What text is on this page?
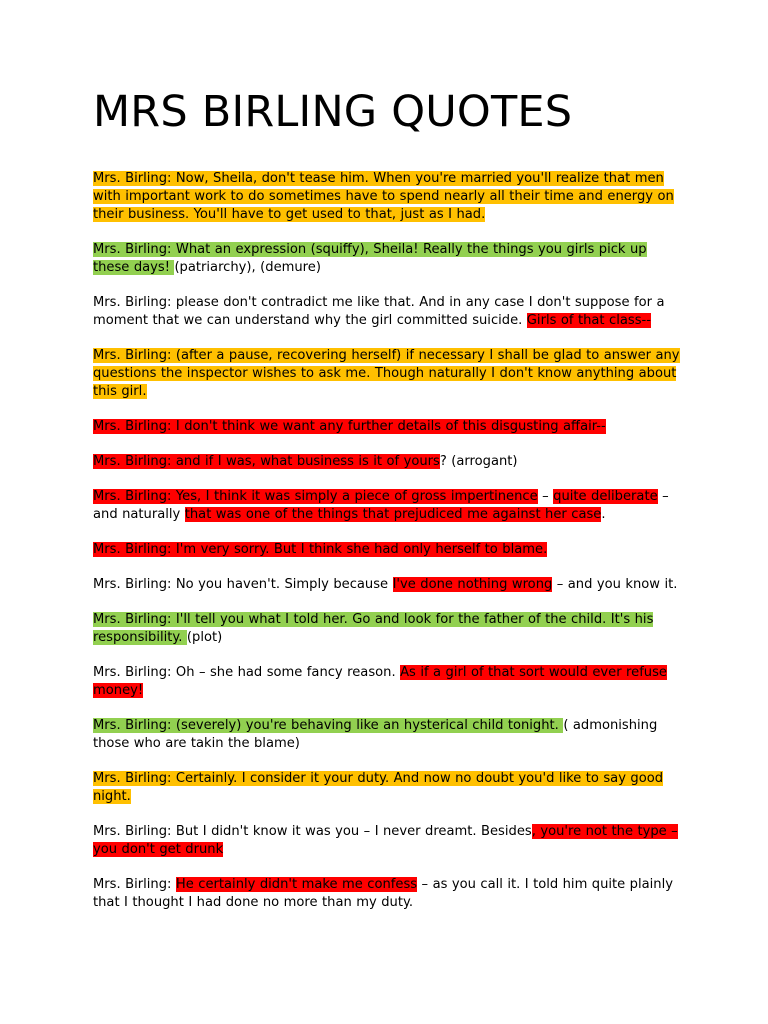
MRS BIRLING QUOTES

Mrs. Birling: Now, Sheila, don't tease him. When you're married you'll realize that men with important work to do sometimes have to spend nearly all their time and energy on their business. You'll have to get used to that, just as I had.

Mrs. Birling: What an expression (squiffy), Sheila! Really the things you girls pick up these days! (patriarchy), (demure)

Mrs. Birling: please don't contradict me like that. And in any case I don't suppose for a moment that we can understand why the girl committed suicide. Girls of that class--

Mrs. Birling: (after a pause, recovering herself) if necessary I shall be glad to answer any questions the inspector wishes to ask me. Though naturally I don't know anything about this girl.

Mrs. Birling: I don't think we want any further details of this disgusting affair--

Mrs. Birling: and if I was, what business is it of yours? (arrogant)

Mrs. Birling: Yes, I think it was simply a piece of gross impertinence – quite deliberate – and naturally that was one of the things that prejudiced me against her case.

Mrs. Birling: I'm very sorry. But I think she had only herself to blame.

Mrs. Birling: No you haven't. Simply because I've done nothing wrong – and you know it.

Mrs. Birling: I'll tell you what I told her. Go and look for the father of the child. It's his responsibility. (plot)

Mrs. Birling: Oh – she had some fancy reason. As if a girl of that sort would ever refuse money!

Mrs. Birling: (severely) you're behaving like an hysterical child tonight. ( admonishing those who are takin the blame)

Mrs. Birling: Certainly. I consider it your duty. And now no doubt you'd like to say good night.

Mrs. Birling: But I didn't know it was you – I never dreamt. Besides, you're not the type – you don't get drunk

Mrs. Birling: He certainly didn't make me confess – as you call it. I told him quite plainly that I thought I had done no more than my duty.
